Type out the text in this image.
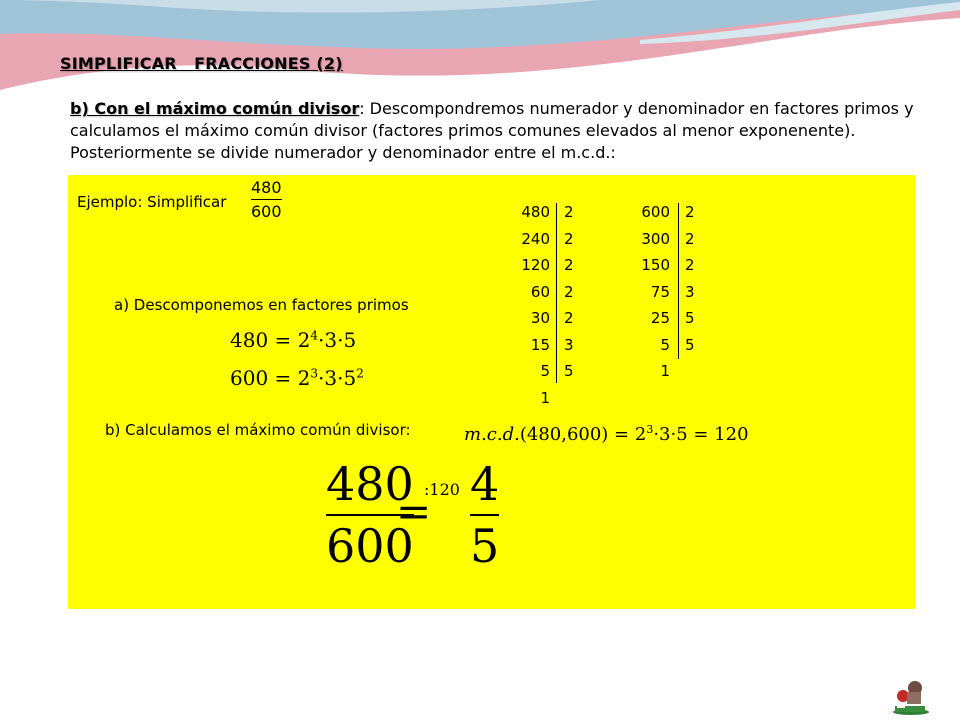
SIMPLIFICAR   FRACCIONES (2)
b) Con el máximo común divisor: Descompondremos numerador y denominador en factores primos y calculamos el máximo común divisor (factores primos comunes elevados al menor exponenente). Posteriormente se divide numerador y denominador entre el m.c.d.:
Ejemplo: Simplificar
480
600
a) Descomponemos en factores primos
$480 = 2^4\cdot 3\cdot 5$
$600 = 2^3\cdot 3\cdot 5^2$
480
240
120
60
30
15
5
1
2
2
2
2
2
3
5
600
300
150
75
25
5
1
2
2
2
3
5
5
b) Calculamos el máximo común divisor:	$m.c.d.(480,600) = 2^3\cdot 3\cdot 5 = 120$
480
600
=
:120 4
5
